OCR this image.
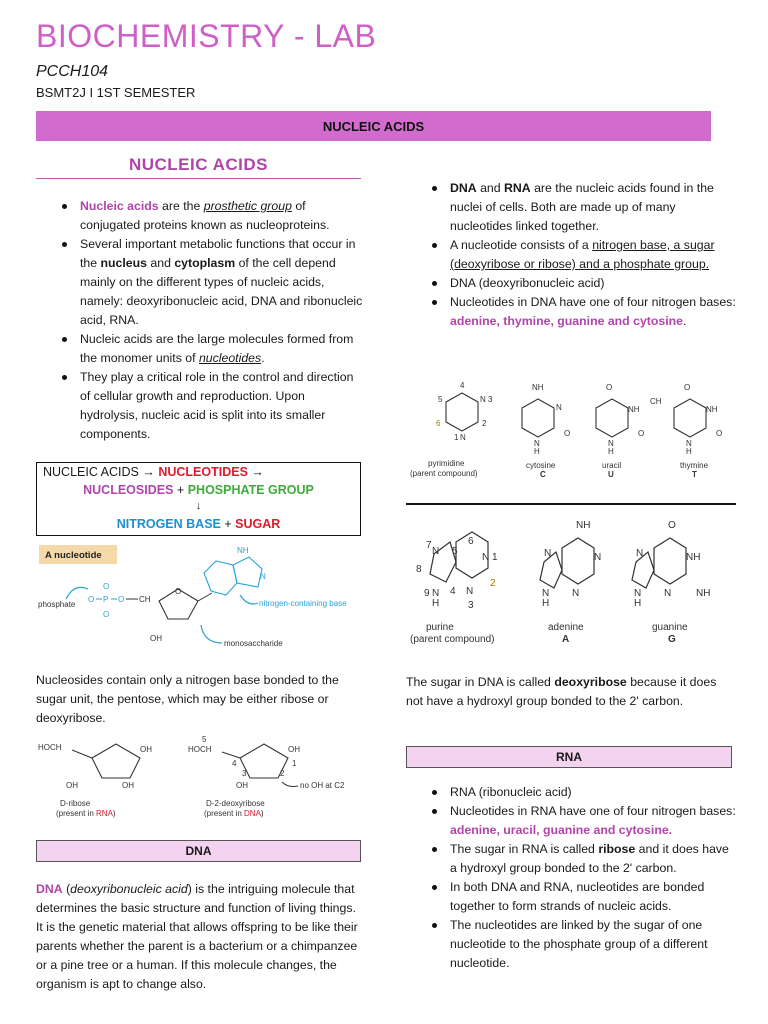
BIOCHEMISTRY - LAB
PCCH104
BSMT2J I 1ST SEMESTER
NUCLEIC ACIDS
NUCLEIC ACIDS
Nucleic acids are the prosthetic group of conjugated proteins known as nucleoproteins.
Several important metabolic functions that occur in the nucleus and cytoplasm of the cell depend mainly on the different types of nucleic acids, namely: deoxyribonucleic acid, DNA and ribonucleic acid, RNA.
Nucleic acids are the large molecules formed from the monomer units of nucleotides.
They play a critical role in the control and direction of cellular growth and reproduction. Upon hydrolysis, nucleic acid is split into its smaller components.
NUCLEIC ACIDS → NUCLEOTIDES →
NUCLEOSIDES + PHOSPHATE GROUP
↓
NITROGEN BASE + SUGAR
A nucleotide
phosphate
O P O
O
O
CH
O
OH
NH
N
nitrogen-containing base
monosaccharide
Nucleosides contain only a nitrogen base bonded to the sugar unit, the pentose, which may be either ribose or deoxyribose.
HOCH	OH
OH	OH
D-ribose
(present in RNA)
5
HOCH	OH
4
3	2
1
OH	no OH at C2
D-2-deoxyribose
(present in DNA)
DNA
DNA (deoxyribonucleic acid) is the intriguing molecule that determines the basic structure and function of living things. It is the genetic material that allows offspring to be like their parents whether the parent is a bacterium or a chimpanzee or a pine tree or a human. If this molecule changes, the organism is apt to change also.
DNA and RNA are the nucleic acids found in the nuclei of cells. Both are made up of many nucleotides linked together.
A nucleotide consists of a nitrogen base, a sugar (deoxyribose or ribose) and a phosphate group.
DNA (deoxyribonucleic acid)
Nucleotides in DNA have one of four nitrogen bases: adenine, thymine, guanine and cytosine.
4
5	N 3
6
N
1
2
pyrimidine
(parent compound)
NH
N
N
H
O
cytosine
C
O
NH
N
H
O
uracil
U
CH
O
NH
N
H
O
thymine
T
6
7
N 5
N 1
8
2
9 N
H
4 N
3
purine
(parent compound)
NH
N	N
N
H
N
adenine
A
O
N	NH
N
H
N NH
guanine
G
The sugar in DNA is called deoxyribose because it does not have a hydroxyl group bonded to the 2' carbon.
RNA
RNA (ribonucleic acid)
Nucleotides in RNA have one of four nitrogen bases: adenine, uracil, guanine and cytosine.
The sugar in RNA is called ribose and it does have a hydroxyl group bonded to the 2' carbon.
In both DNA and RNA, nucleotides are bonded together to form strands of nucleic acids.
The nucleotides are linked by the sugar of one nucleotide to the phosphate group of a different nucleotide.
